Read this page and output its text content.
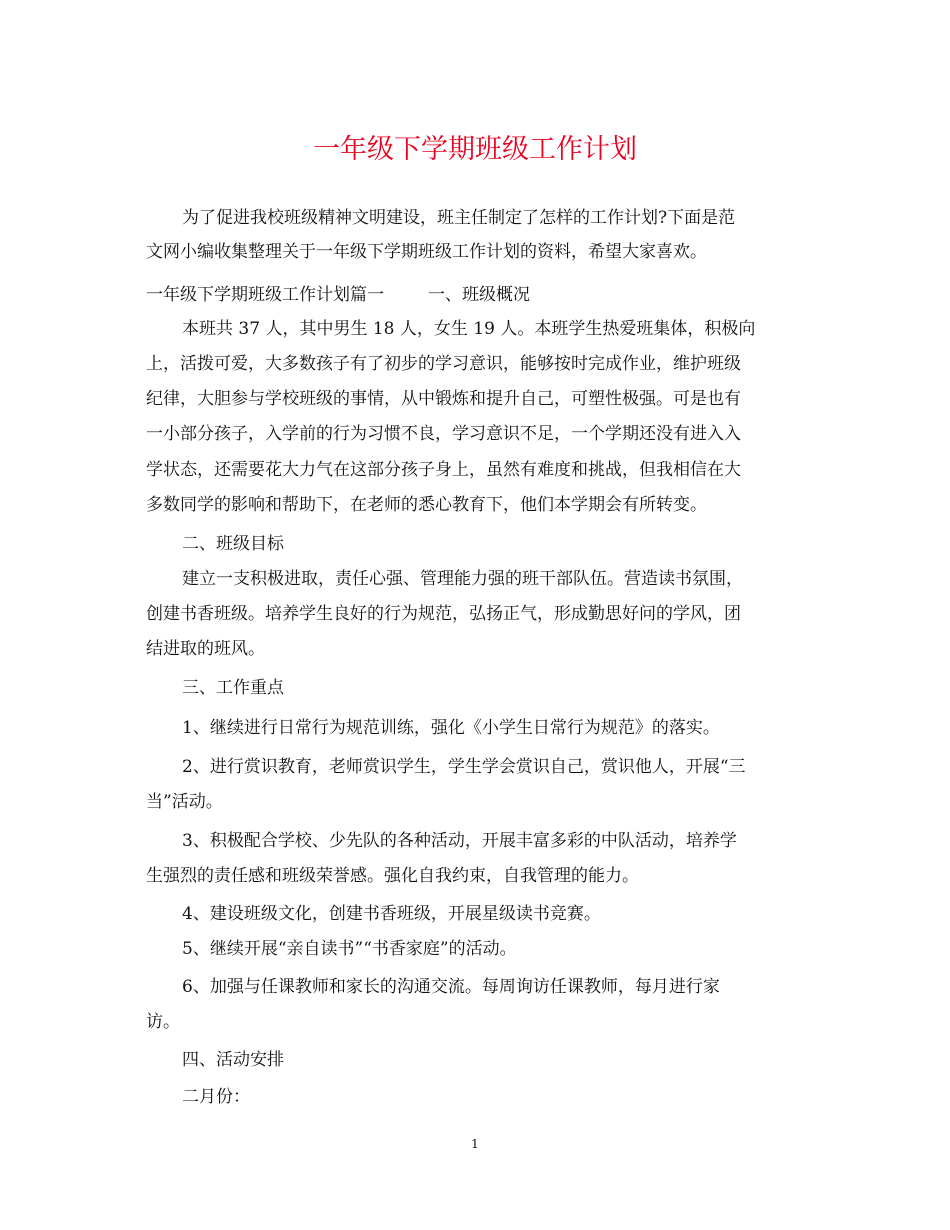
一年级下学期班级工作计划
为了促进我校班级精神文明建设，班主任制定了怎样的工作计划?下面是范
文网小编收集整理关于一年级下学期班级工作计划的资料，希望大家喜欢。
一年级下学期班级工作计划篇一	一、班级概况
本班共 37 人，其中男生 18 人，女生 19 人。本班学生热爱班集体，积极向
上，活拨可爱，大多数孩子有了初步的学习意识，能够按时完成作业，维护班级
纪律，大胆参与学校班级的事情，从中锻炼和提升自己，可塑性极强。可是也有
一小部分孩子，入学前的行为习惯不良，学习意识不足，一个学期还没有进入入
学状态，还需要花大力气在这部分孩子身上，虽然有难度和挑战，但我相信在大
多数同学的影响和帮助下，在老师的悉心教育下，他们本学期会有所转变。
二、班级目标
建立一支积极进取，责任心强、管理能力强的班干部队伍。营造读书氛围，
创建书香班级。培养学生良好的行为规范，弘扬正气，形成勤思好问的学风，团
结进取的班风。
三、工作重点
1、继续进行日常行为规范训练，强化《小学生日常行为规范》的落实。
2、进行赏识教育，老师赏识学生，学生学会赏识自己，赏识他人，开展“三
当”活动。
3、积极配合学校、少先队的各种活动，开展丰富多彩的中队活动，培养学
生强烈的责任感和班级荣誉感。强化自我约束，自我管理的能力。
4、建设班级文化，创建书香班级，开展星级读书竞赛。
5、继续开展“亲自读书”“书香家庭”的活动。
6、加强与任课教师和家长的沟通交流。每周询访任课教师，每月进行家
访。
四、活动安排
二月份：
1
